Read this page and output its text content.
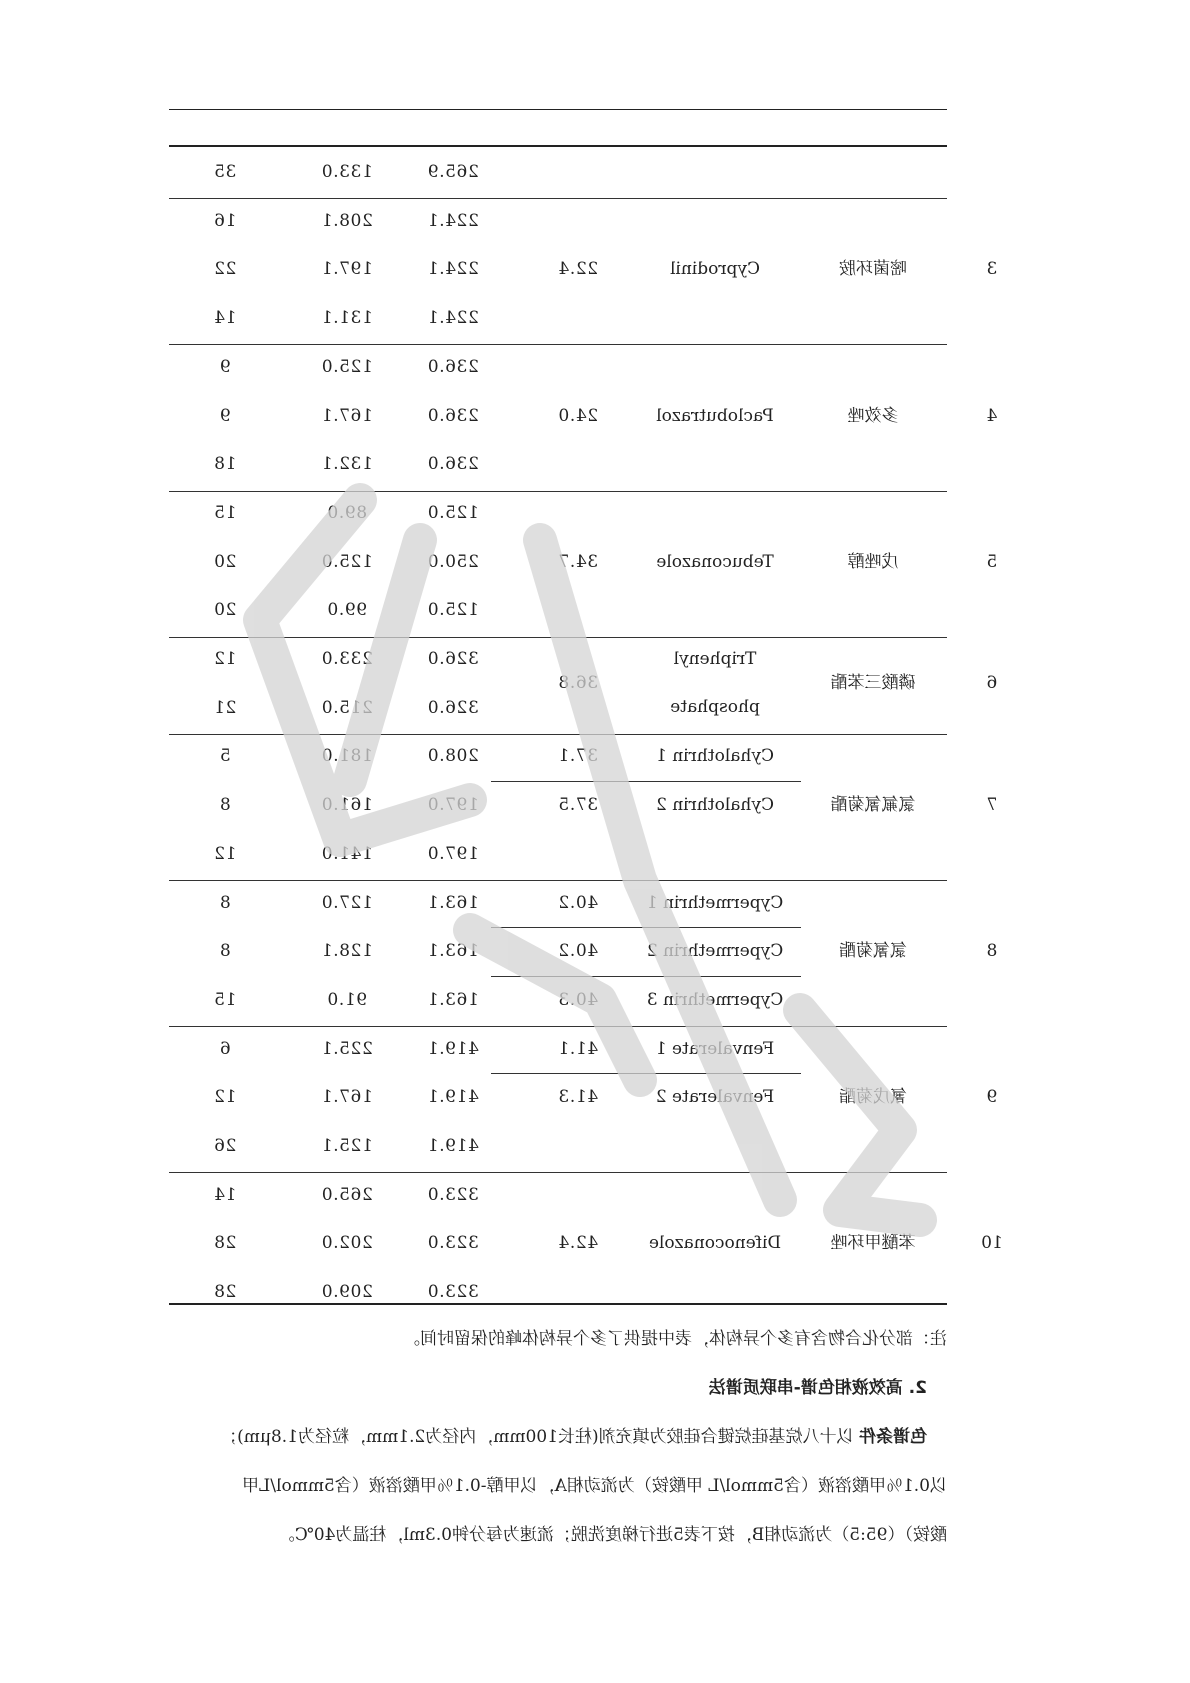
265.9
133.0
35
224.1
208.1
16
224.1
197.1
22
224.1
131.1
14
3
嘧菌环胺
Cyprodinil
22.4
236.0
125.0
9
236.0
167.1
9
236.0
132.1
18
4
多效唑
Paclobutrazol
24.0
125.0
89.0
15
250.0
125.0
20
125.0
99.0
20
5
戊唑醇
Tebuconazole
34.7
326.0
233.0
12
326.0
215.0
21
6
磷酸三苯酯
Triphenyl phosphate
36.8
208.0
181.0
5
197.0
161.0
8
197.0
141.0
12
7
氯氟氰菊酯
Cyhalothrin 1
37.1
Cyhalothrin 2
37.5
163.1
127.0
8
163.1
128.1
8
163.1
91.0
15
8
氯氰菊酯
Cypermethrin 1
40.2
Cypermethrin 2
40.2
Cypermethrin 3
40.3
419.1
225.1
6
419.1
167.1
12
419.1
125.1
26
9
氰戊菊酯
Fenvalerate 1
41.1
Fenvalerate 2
41.3
323.0
265.0
14
323.0
202.0
28
323.0
209.0
28
10
苯醚甲环唑
Difenoconazole
42.4
注：部分化合物含有多个异构体，表中提供了多个异构体峰的保留时间。
2. 高效液相色谱-串联质谱法
色谱条件 以十八烷基硅烷键合硅胶为填充剂(柱长100mm，内径为2.1mm，粒径为1.8μm)；
以0.1％甲酸溶液（含5mmol/L 甲酸铵）为流动相A，以甲醇-0.1％甲酸溶液（含5mmol/L甲
酸铵）（95:5）为流动相B，按下表5进行梯度洗脱；流速为每分钟0.3ml，柱温为40℃。
